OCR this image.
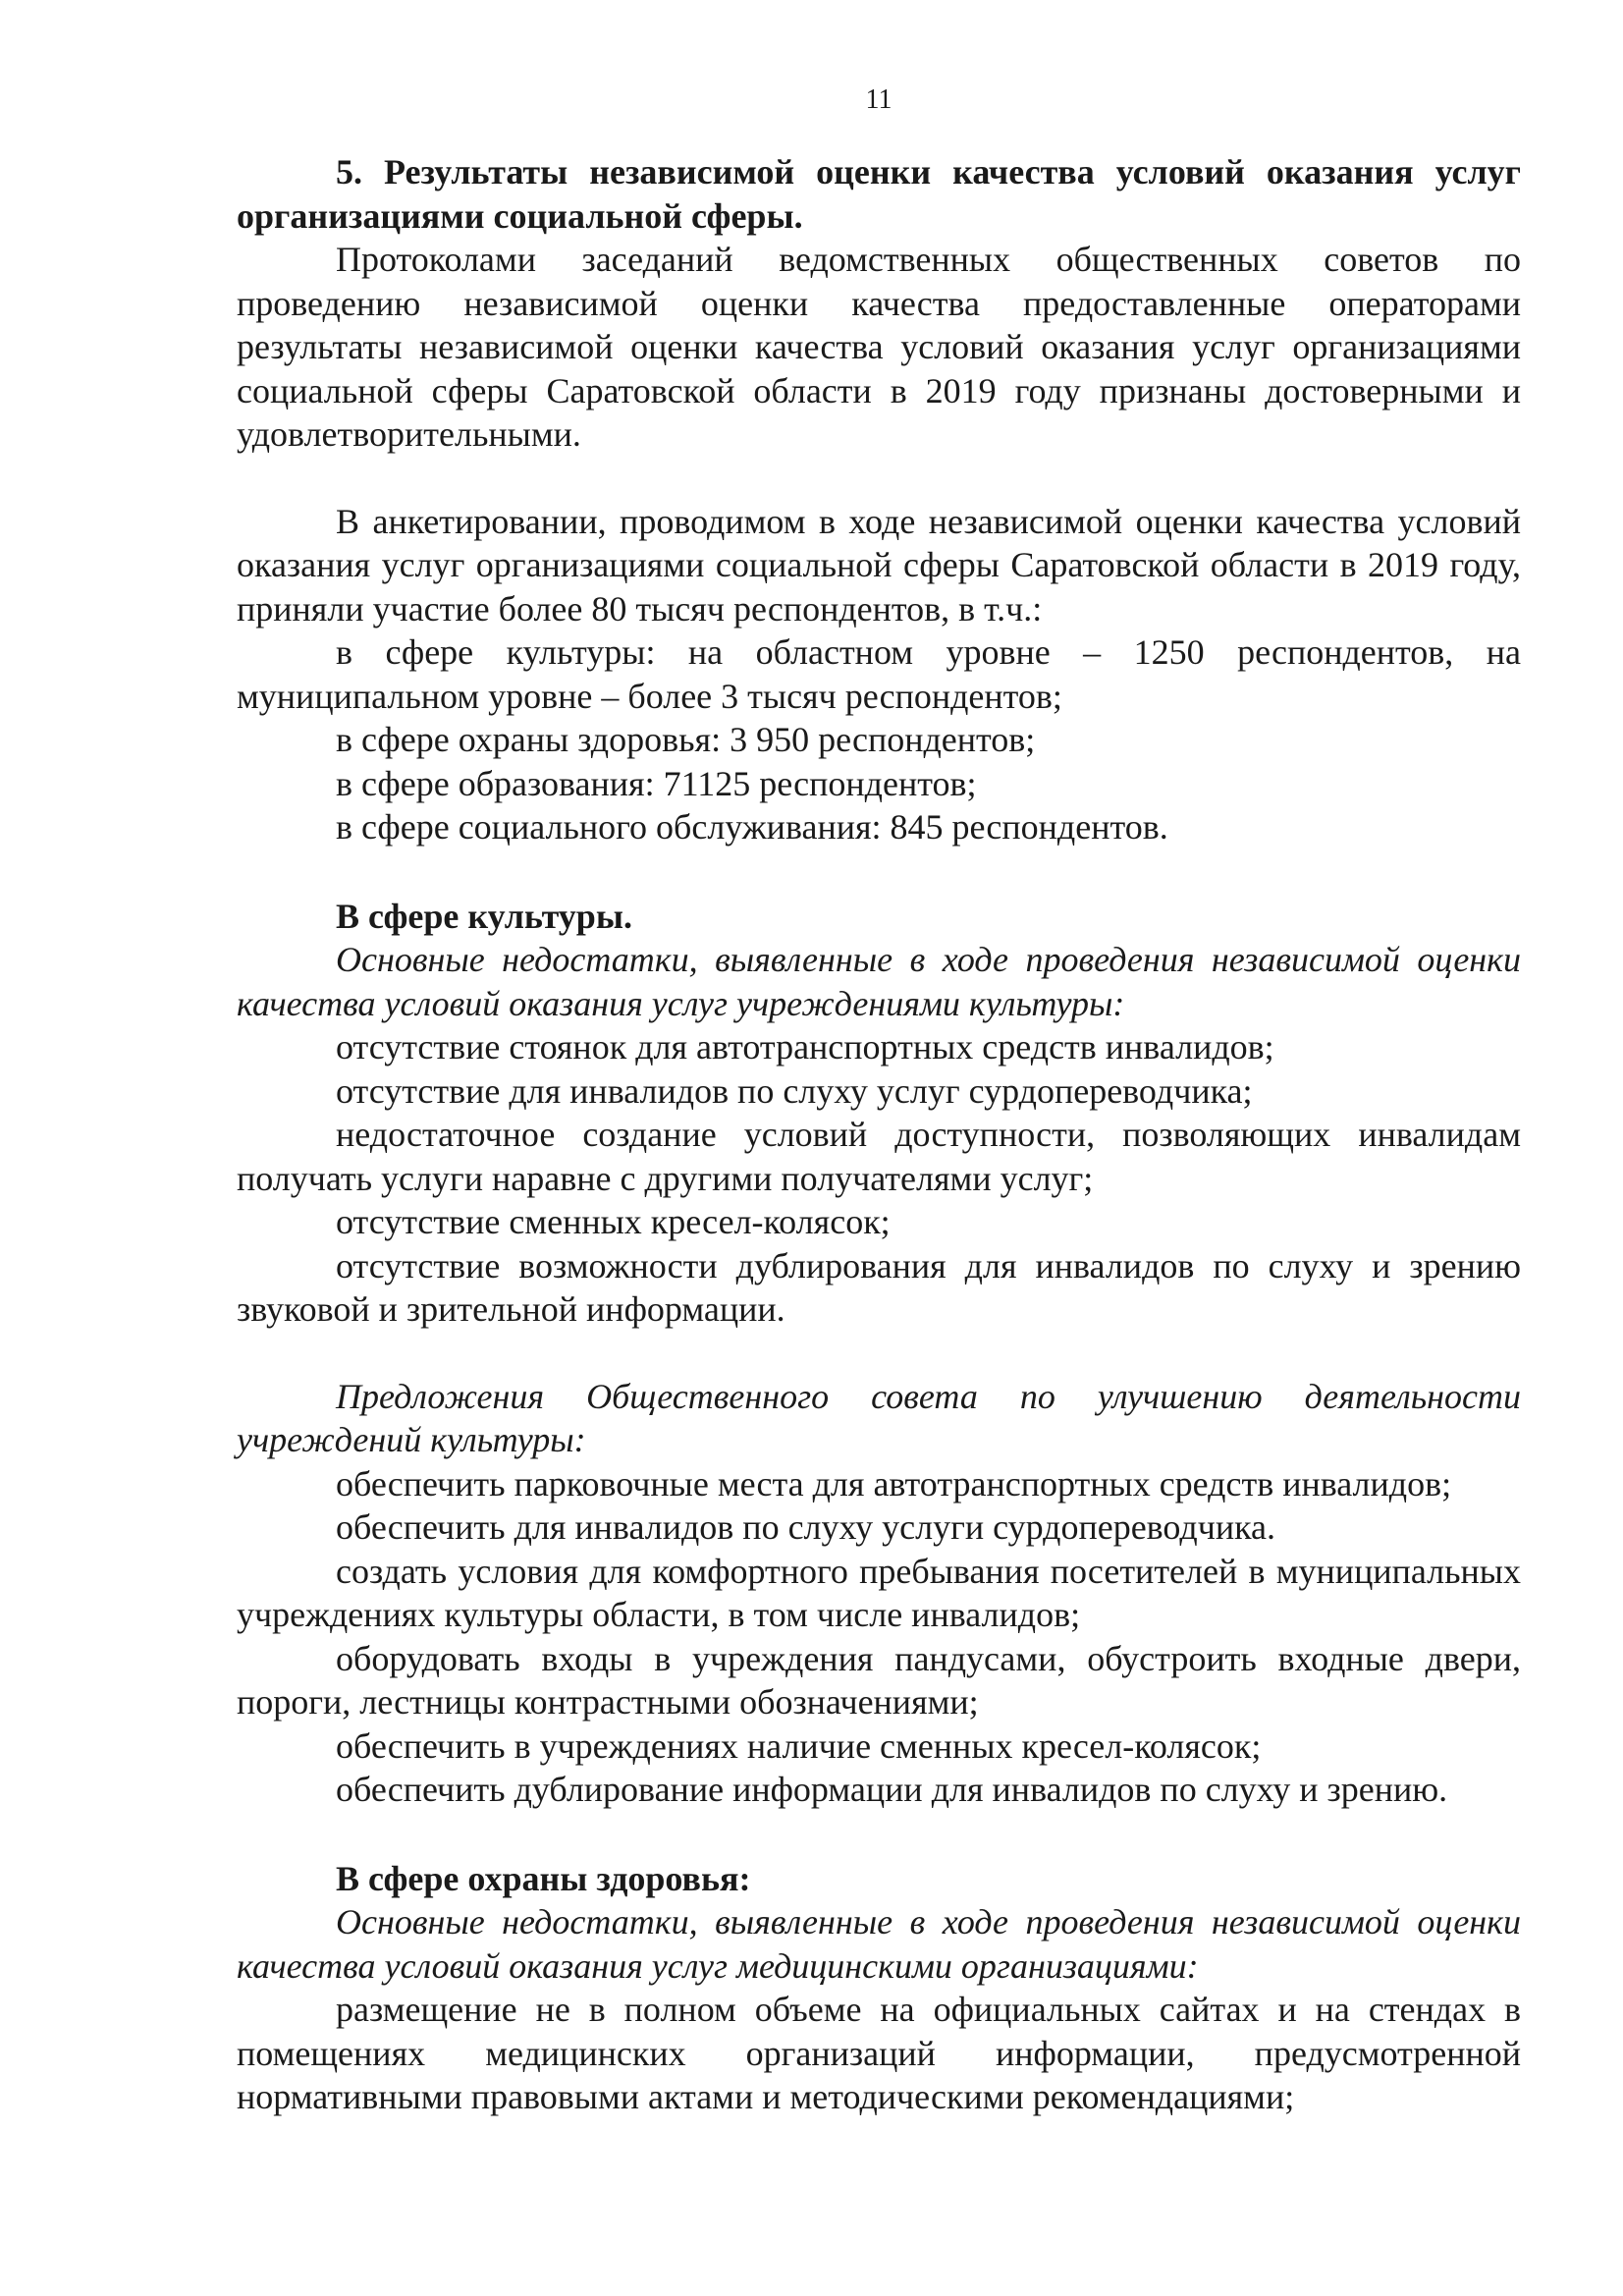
11

5. Результаты независимой оценки качества условий оказания услуг организациями социальной сферы.

Протоколами заседаний ведомственных общественных советов по проведению независимой оценки качества предоставленные операторами результаты независимой оценки качества условий оказания услуг организациями социальной сферы Саратовской области в 2019 году признаны достоверными и удовлетворительными.

В анкетировании, проводимом в ходе независимой оценки качества условий оказания услуг организациями социальной сферы Саратовской области в 2019 году, приняли участие более 80 тысяч респондентов, в т.ч.:

в сфере культуры: на областном уровне – 1250 респондентов, на муниципальном уровне – более 3 тысяч респондентов;

в сфере охраны здоровья: 3 950 респондентов;

в сфере образования: 71125 респондентов;

в сфере социального обслуживания: 845 респондентов.

В сфере культуры.

Основные недостатки, выявленные в ходе проведения независимой оценки качества условий оказания услуг учреждениями культуры:

отсутствие стоянок для автотранспортных средств инвалидов;

отсутствие для инвалидов по слуху услуг сурдопереводчика;

недостаточное создание условий доступности, позволяющих инвалидам получать услуги наравне с другими получателями услуг;

отсутствие сменных кресел-колясок;

отсутствие возможности дублирования для инвалидов по слуху и зрению звуковой и зрительной информации.

Предложения Общественного совета по улучшению деятельности учреждений культуры:

обеспечить парковочные места для автотранспортных средств инвалидов;

обеспечить для инвалидов по слуху услуги сурдопереводчика.

создать условия для комфортного пребывания посетителей в муниципальных учреждениях культуры области, в том числе инвалидов;

оборудовать входы в учреждения пандусами, обустроить входные двери, пороги, лестницы контрастными обозначениями;

обеспечить в учреждениях наличие сменных кресел-колясок;

обеспечить дублирование информации для инвалидов по слуху и зрению.

В сфере охраны здоровья:

Основные недостатки, выявленные в ходе проведения независимой оценки качества условий оказания услуг медицинскими организациями:

размещение не в полном объеме на официальных сайтах и на стендах в помещениях медицинских организаций информации, предусмотренной нормативными правовыми актами и методическими рекомендациями;
